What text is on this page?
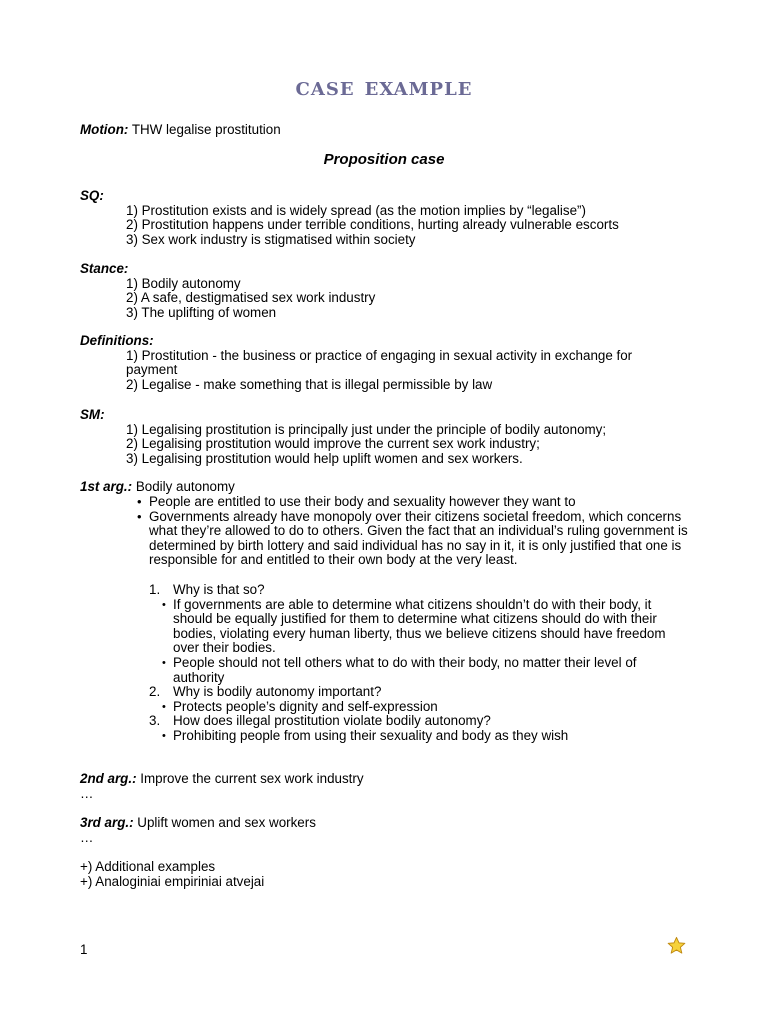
case example
Motion: THW legalise prostitution
Proposition case
SQ:
1) Prostitution exists and is widely spread (as the motion implies by “legalise”)
2) Prostitution happens under terrible conditions, hurting already vulnerable escorts
3) Sex work industry is stigmatised within society
Stance:
1) Bodily autonomy
2) A safe, destigmatised sex work industry
3) The uplifting of women
Definitions:
1) Prostitution - the business or practice of engaging in sexual activity in exchange for payment
2) Legalise - make something that is illegal permissible by law
SM:
1) Legalising prostitution is principally just under the principle of bodily autonomy;
2) Legalising prostitution would improve the current sex work industry;
3) Legalising prostitution would help uplift women and sex workers.
1st arg.: Bodily autonomy
• People are entitled to use their body and sexuality however they want to
• Governments already have monopoly over their citizens societal freedom, which concerns what they’re allowed to do to others. Given the fact that an individual’s ruling government is determined by birth lottery and said individual has no say in it, it is only justified that one is responsible for and entitled to their own body at the very least.
1. Why is that so?
• If governments are able to determine what citizens shouldn’t do with their body, it should be equally justified for them to determine what citizens should do with their bodies, violating every human liberty, thus we believe citizens should have freedom over their bodies.
• People should not tell others what to do with their body, no matter their level of authority
2. Why is bodily autonomy important?
• Protects people’s dignity and self-expression
3. How does illegal prostitution violate bodily autonomy?
• Prohibiting people from using their sexuality and body as they wish
2nd arg.: Improve the current sex work industry
…
3rd arg.: Uplift women and sex workers
…
+) Additional examples
+) Analoginiai empiriniai atvejai
1
